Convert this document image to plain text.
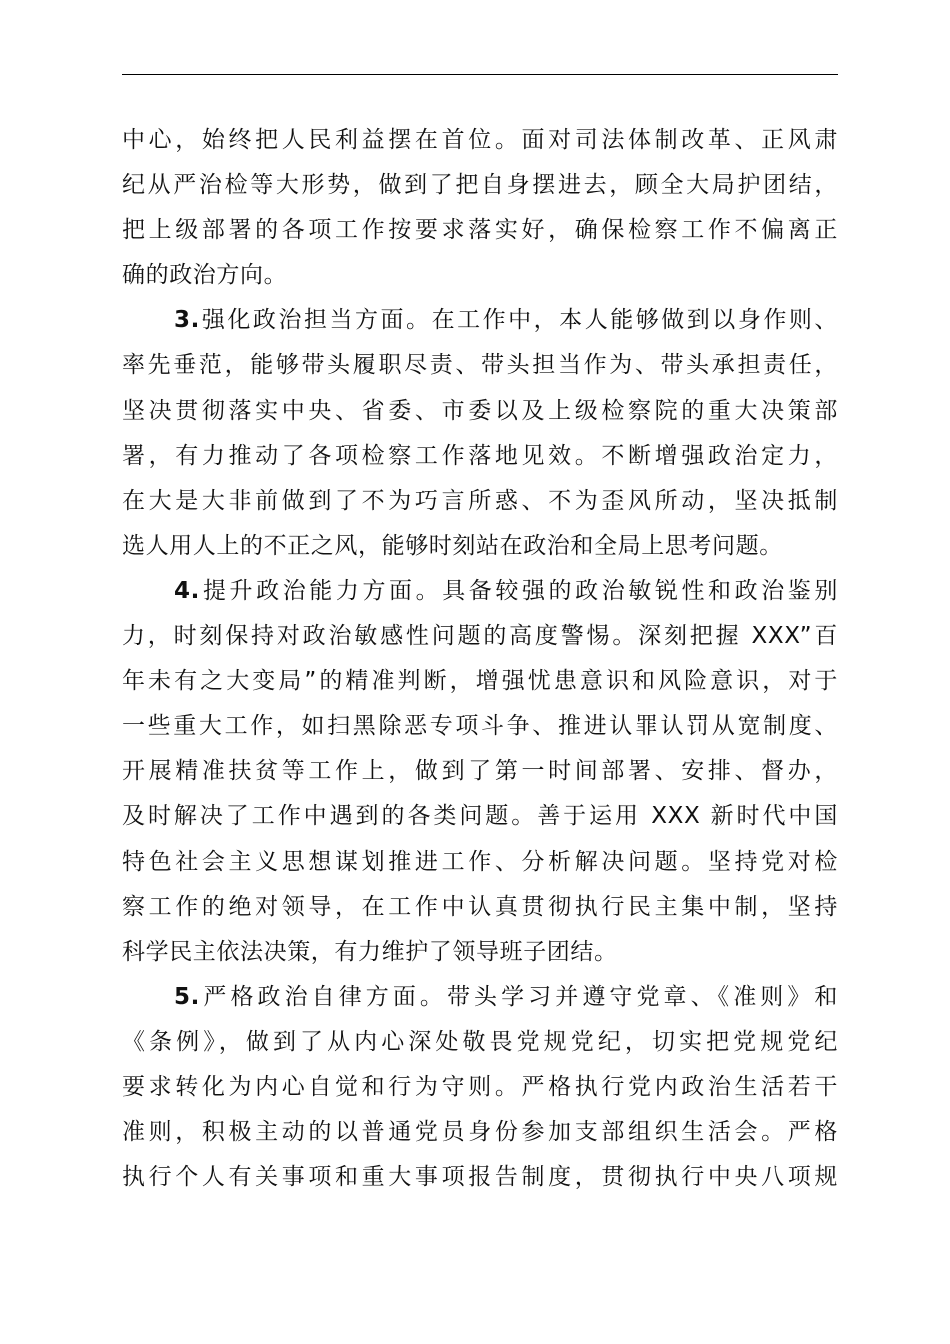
中心，始终把人民利益摆在首位。面对司法体制改革、正风肃
纪从严治检等大形势，做到了把自身摆进去，顾全大局护团结，
把上级部署的各项工作按要求落实好，确保检察工作不偏离正
确的政治方向。
3.强化政治担当方面。在工作中，本人能够做到以身作则、
率先垂范，能够带头履职尽责、带头担当作为、带头承担责任，
坚决贯彻落实中央、省委、市委以及上级检察院的重大决策部
署，有力推动了各项检察工作落地见效。不断增强政治定力，
在大是大非前做到了不为巧言所惑、不为歪风所动，坚决抵制
选人用人上的不正之风，能够时刻站在政治和全局上思考问题。
4.提升政治能力方面。具备较强的政治敏锐性和政治鉴别
力，时刻保持对政治敏感性问题的高度警惕。深刻把握 XXX”百
年未有之大变局”的精准判断，增强忧患意识和风险意识，对于
一些重大工作，如扫黑除恶专项斗争、推进认罪认罚从宽制度、
开展精准扶贫等工作上，做到了第一时间部署、安排、督办，
及时解决了工作中遇到的各类问题。善于运用 XXX 新时代中国
特色社会主义思想谋划推进工作、分析解决问题。坚持党对检
察工作的绝对领导，在工作中认真贯彻执行民主集中制，坚持
科学民主依法决策，有力维护了领导班子团结。
5.严格政治自律方面。带头学习并遵守党章、《准则》和
《条例》，做到了从内心深处敬畏党规党纪，切实把党规党纪
要求转化为内心自觉和行为守则。严格执行党内政治生活若干
准则，积极主动的以普通党员身份参加支部组织生活会。严格
执行个人有关事项和重大事项报告制度，贯彻执行中央八项规
